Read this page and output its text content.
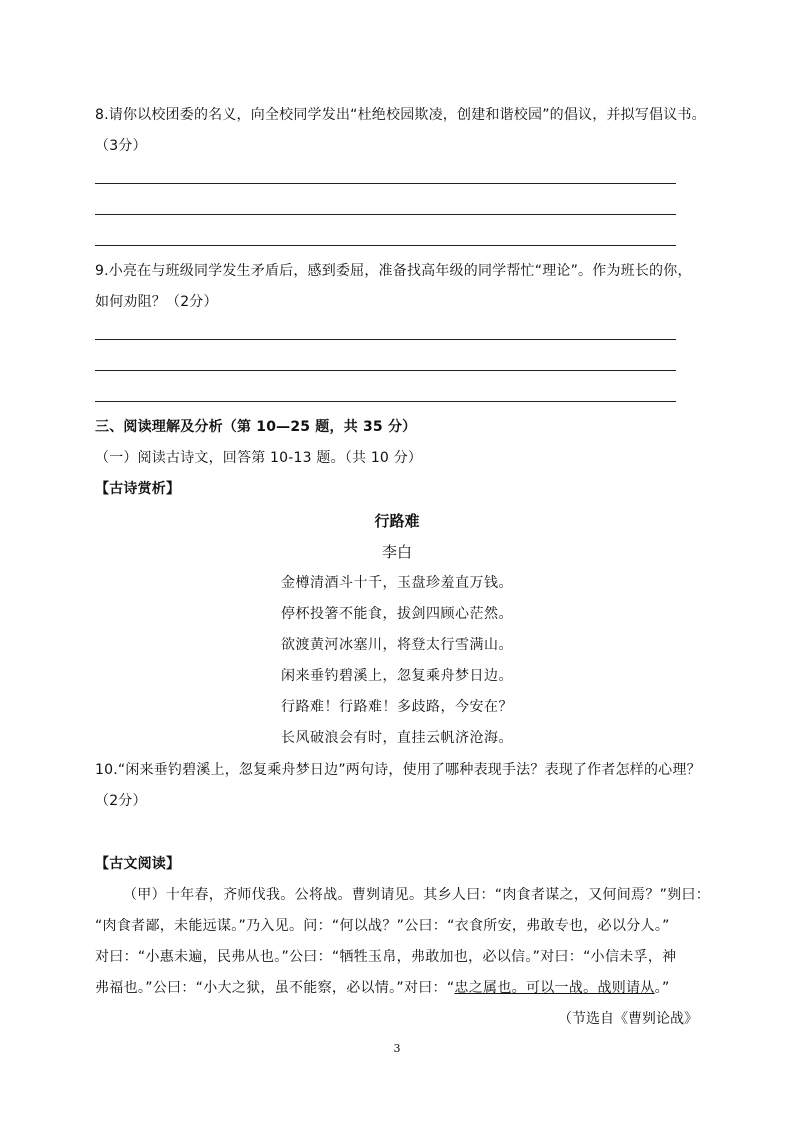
8.请你以校团委的名义，向全校同学发出“杜绝校园欺凌，创建和谐校园”的倡议，并拟写倡议书。
（3分）
9.小亮在与班级同学发生矛盾后，感到委屈，准备找高年级的同学帮忙“理论”。作为班长的你，
如何劝阻？（2分）
三、阅读理解及分析（第 10—25 题，共 35 分）
（一）阅读古诗文，回答第 10-13 题。（共 10 分）
【古诗赏析】
行路难
李白
金樽清酒斗十千，玉盘珍羞直万钱。
停杯投箸不能食，拔剑四顾心茫然。
欲渡黄河冰塞川，将登太行雪满山。
闲来垂钓碧溪上，忽复乘舟梦日边。
行路难！行路难！多歧路，今安在？
长风破浪会有时，直挂云帆济沧海。
10.“闲来垂钓碧溪上，忽复乘舟梦日边”两句诗，使用了哪种表现手法？表现了作者怎样的心理？
（2分）
【古文阅读】
（甲）十年春，齐师伐我。公将战。曹刿请见。其乡人曰：“肉食者谋之，又何间焉？”刿曰：
“肉食者鄙，未能远谋。”乃入见。问：“何以战？”公曰：“衣食所安，弗敢专也，必以分人。”
对曰：“小惠未遍，民弗从也。”公曰：“牺牲玉帛，弗敢加也，必以信。”对曰：“小信未孚，神
弗福也。”公曰：“小大之狱，虽不能察，必以情。”对曰：“忠之属也。可以一战。战则请从。”
（节选自《曹刿论战》
3
